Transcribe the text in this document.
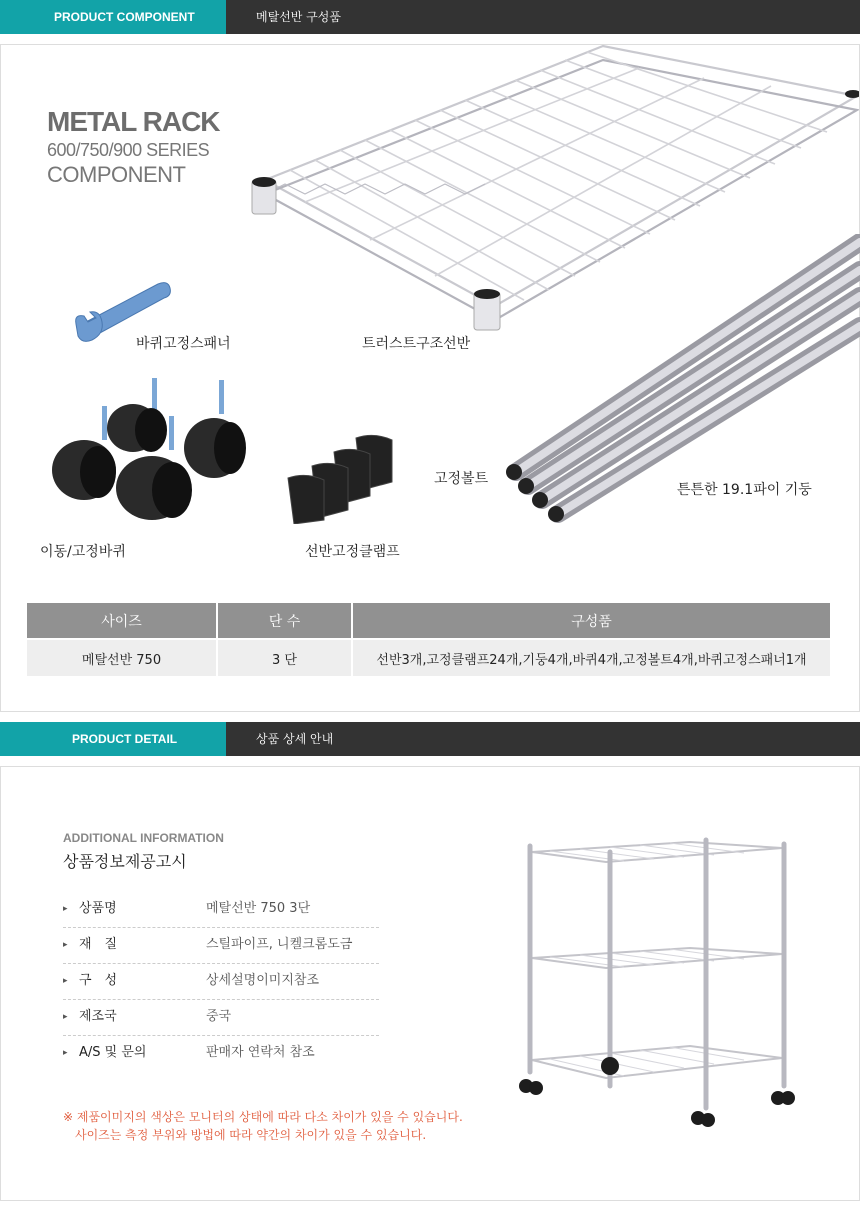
PRODUCT COMPONENT	메탈선반 구성품
METAL RACK
600/750/900 SERIES
COMPONENT
바퀴고정스패너	트러스트구조선반
고정볼트
튼튼한 19.1파이 기둥
이동/고정바퀴	선반고정클램프
사이즈	단 수	구성품

메탈선반 750	3 단	선반3개,고정클램프24개,기둥4개,바퀴4개,고정볼트4개,바퀴고정스패너1개
PRODUCT DETAIL	상품 상세 안내
ADDITIONAL INFORMATION
상품정보제공고시
▸ 상품명	메탈선반 750 3단
▸ 재　질	스틸파이프, 니켈크롬도금
▸ 구　성	상세설명이미지참조
▸ 제조국	중국
▸ A/S 및 문의	판매자 연락처 참조
※ 제품이미지의 색상은 모니터의 상태에 따라 다소 차이가 있을 수 있습니다.
사이즈는 측정 부위와 방법에 따라 약간의 차이가 있을 수 있습니다.
